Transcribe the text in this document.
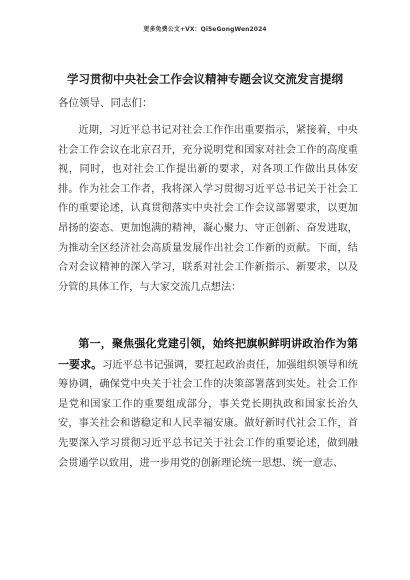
更多免费公文+VX：Qi5eGongWen2024
学习贯彻中央社会工作会议精神专题会议交流发言提纲
各位领导、同志们：

近期，习近平总书记对社会工作作出重要指示，紧接着，中央社会工作会议在北京召开，充分说明党和国家对社会工作的高度重视，同时，也对社会工作提出新的要求，对各项工作做出具体安排。作为社会工作者，我将深入学习贯彻习近平总书记关于社会工作的重要论述，认真贯彻落实中央社会工作会议部署要求，以更加昂扬的姿态、更加饱满的精神，凝心聚力、守正创新、奋发进取，为推动全区经济社会高质量发展作出社会工作新的贡献。下面，结合对会议精神的深入学习，联系对社会工作新指示、新要求，以及分管的具体工作，与大家交流几点想法：

第一，聚焦强化党建引领，始终把旗帜鲜明讲政治作为第一要求。习近平总书记强调，要扛起政治责任，加强组织领导和统筹协调，确保党中央关于社会工作的决策部署落到实处。社会工作是党和国家工作的重要组成部分，事关党长期执政和国家长治久安，事关社会和谐稳定和人民幸福安康。做好新时代社会工作，首先要深入学习贯彻习近平总书记关于社会工作的重要论述，做到融会贯通学以致用，进一步用党的创新理论统一思想、统一意志、
